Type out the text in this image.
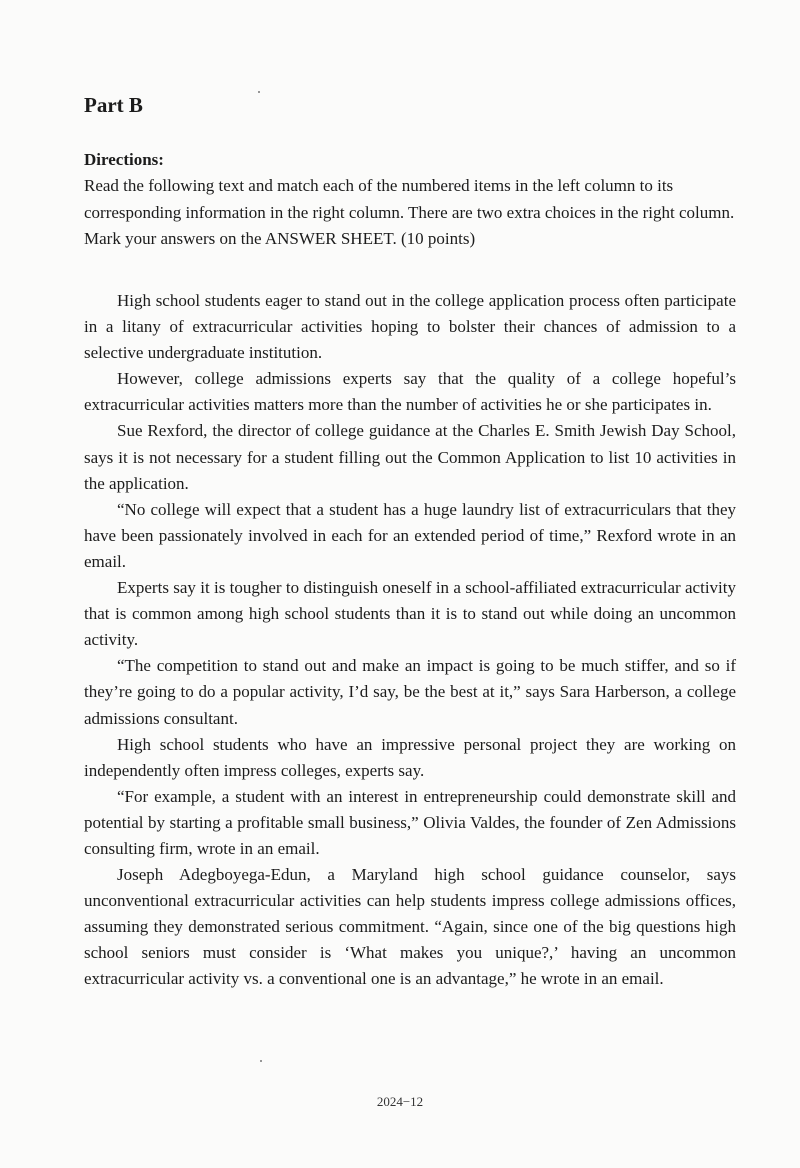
Part B
Directions:

Read the following text and match each of the numbered items in the left column to its corresponding information in the right column. There are two extra choices in the right column. Mark your answers on the ANSWER SHEET. (10 points)

High school students eager to stand out in the college application process often participate in a litany of extracurricular activities hoping to bolster their chances of admission to a selective undergraduate institution.

However, college admissions experts say that the quality of a college hopeful’s extracurricular activities matters more than the number of activities he or she participates in.

Sue Rexford, the director of college guidance at the Charles E. Smith Jewish Day School, says it is not necessary for a student filling out the Common Application to list 10 activities in the application.

“No college will expect that a student has a huge laundry list of extracurriculars that they have been passionately involved in each for an extended period of time,” Rexford wrote in an email.

Experts say it is tougher to distinguish oneself in a school-affiliated extracurricular activity that is common among high school students than it is to stand out while doing an uncommon activity.

“The competition to stand out and make an impact is going to be much stiffer, and so if they’re going to do a popular activity, I’d say, be the best at it,” says Sara Harberson, a college admissions consultant.

High school students who have an impressive personal project they are working on independently often impress colleges, experts say.

“For example, a student with an interest in entrepreneurship could demonstrate skill and potential by starting a profitable small business,” Olivia Valdes, the founder of Zen Admissions consulting firm, wrote in an email.

Joseph Adegboyega-Edun, a Maryland high school guidance counselor, says unconventional extracurricular activities can help students impress college admissions offices, assuming they demonstrated serious commitment. “Again, since one of the big questions high school seniors must consider is ‘What makes you unique?,’ having an uncommon extracurricular activity vs. a conventional one is an advantage,” he wrote in an email.

2024−12
